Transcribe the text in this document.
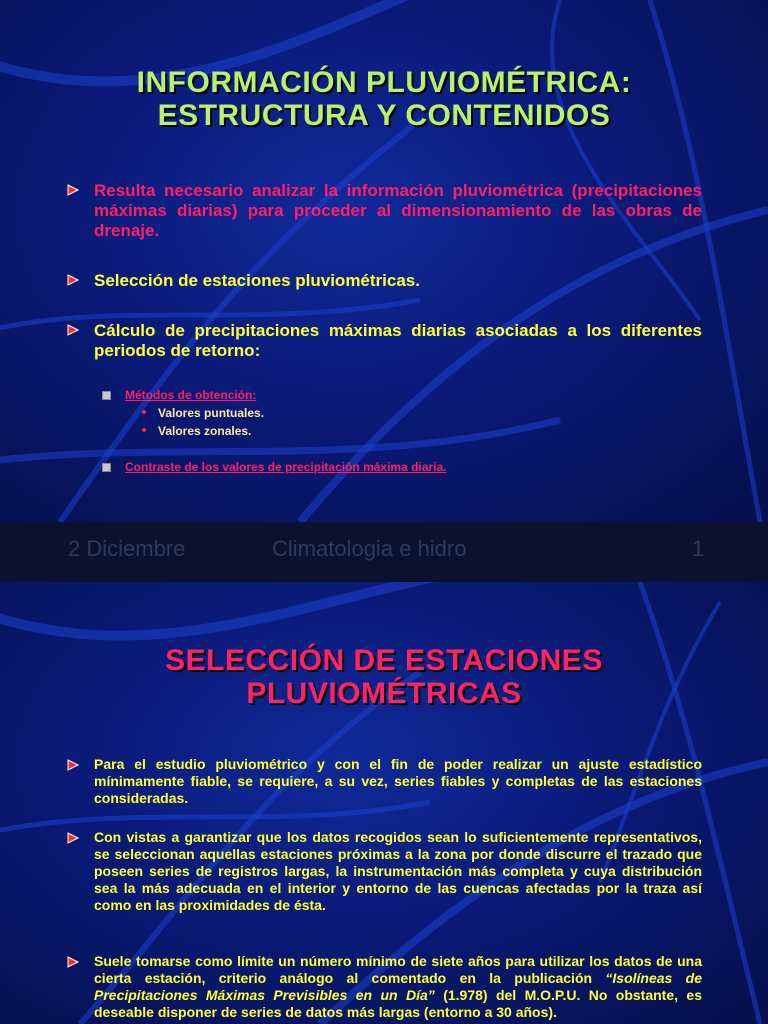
INFORMACIÓN PLUVIOMÉTRICA:
ESTRUCTURA Y CONTENIDOS
Resulta necesario analizar la información pluviométrica (precipitaciones máximas diarias) para proceder al dimensionamiento de las obras de drenaje.
Selección de estaciones pluviométricas.
Cálculo de precipitaciones máximas diarias asociadas a los diferentes periodos de retorno:
Métodos de obtención:
Valores puntuales.
Valores zonales.
Contraste de los valores de precipitación máxima diaria.
2 Diciembre	Climatologia e hidro	1
SELECCIÓN DE ESTACIONES
PLUVIOMÉTRICAS
Para el estudio pluviométrico y con el fin de poder realizar un ajuste estadístico mínimamente fiable, se requiere, a su vez, series fiables y completas de las estaciones consideradas.
Con vistas a garantizar que los datos recogidos sean lo suficientemente representativos, se seleccionan aquellas estaciones próximas a la zona por donde discurre el trazado que poseen series de registros largas, la instrumentación más completa y cuya distribución sea la más adecuada en el interior y entorno de las cuencas afectadas por la traza así como en las proximidades de ésta.
Suele tomarse como límite un número mínimo de siete años para utilizar los datos de una cierta estación, criterio análogo al comentado en la publicación “Isolíneas de Precipitaciones Máximas Previsibles en un Día” (1.978) del M.O.P.U. No obstante, es deseable disponer de series de datos más largas (entorno a 30 años).
